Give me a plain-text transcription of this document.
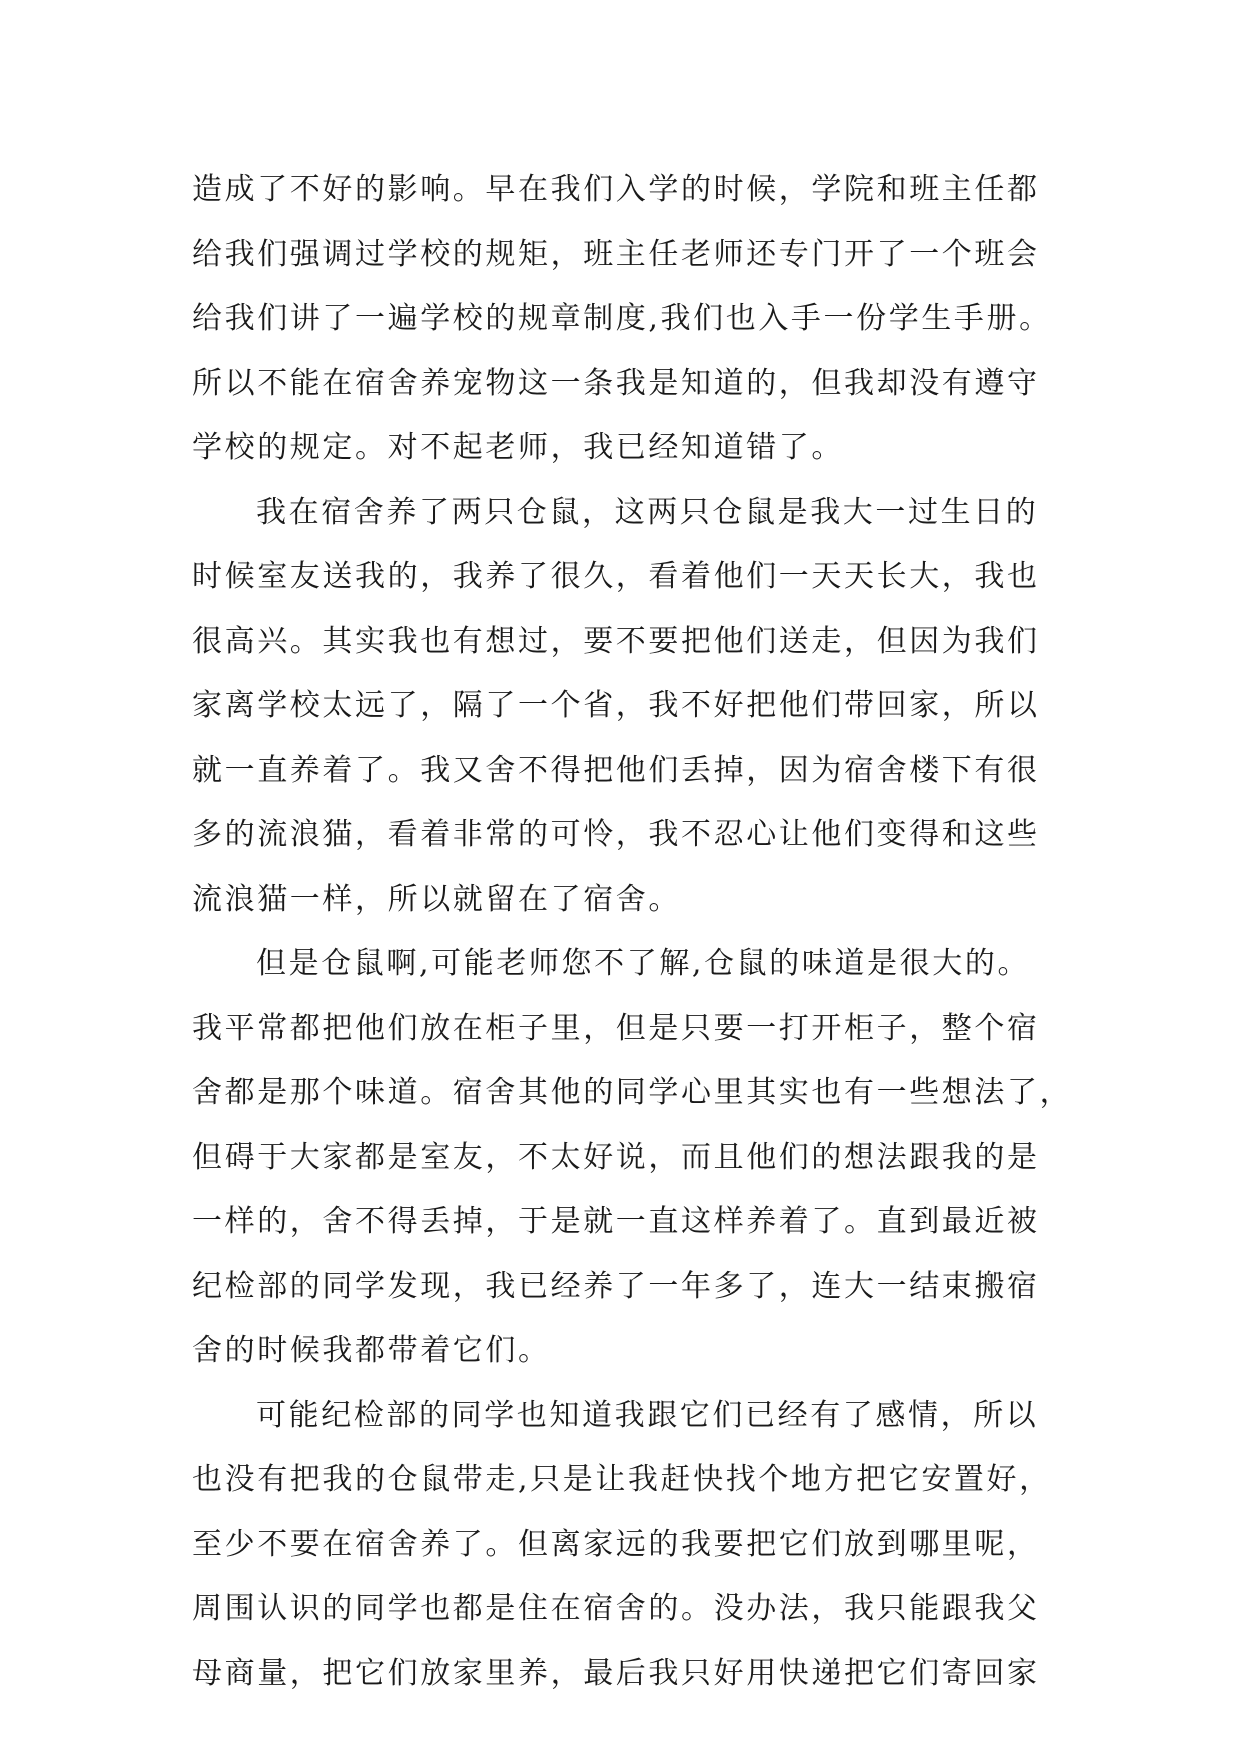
造成了不好的影响。早在我们入学的时候，学院和班主任都
给我们强调过学校的规矩，班主任老师还专门开了一个班会
给我们讲了一遍学校的规章制度,我们也入手一份学生手册。
所以不能在宿舍养宠物这一条我是知道的，但我却没有遵守
学校的规定。对不起老师，我已经知道错了。
我在宿舍养了两只仓鼠，这两只仓鼠是我大一过生日的
时候室友送我的，我养了很久，看着他们一天天长大，我也
很高兴。其实我也有想过，要不要把他们送走，但因为我们
家离学校太远了，隔了一个省，我不好把他们带回家，所以
就一直养着了。我又舍不得把他们丢掉，因为宿舍楼下有很
多的流浪猫，看着非常的可怜，我不忍心让他们变得和这些
流浪猫一样，所以就留在了宿舍。
但是仓鼠啊,可能老师您不了解,仓鼠的味道是很大的。
我平常都把他们放在柜子里，但是只要一打开柜子，整个宿
舍都是那个味道。宿舍其他的同学心里其实也有一些想法了，
但碍于大家都是室友，不太好说，而且他们的想法跟我的是
一样的，舍不得丢掉，于是就一直这样养着了。直到最近被
纪检部的同学发现，我已经养了一年多了，连大一结束搬宿
舍的时候我都带着它们。
可能纪检部的同学也知道我跟它们已经有了感情，所以
也没有把我的仓鼠带走,只是让我赶快找个地方把它安置好，
至少不要在宿舍养了。但离家远的我要把它们放到哪里呢，
周围认识的同学也都是住在宿舍的。没办法，我只能跟我父
母商量，把它们放家里养，最后我只好用快递把它们寄回家
